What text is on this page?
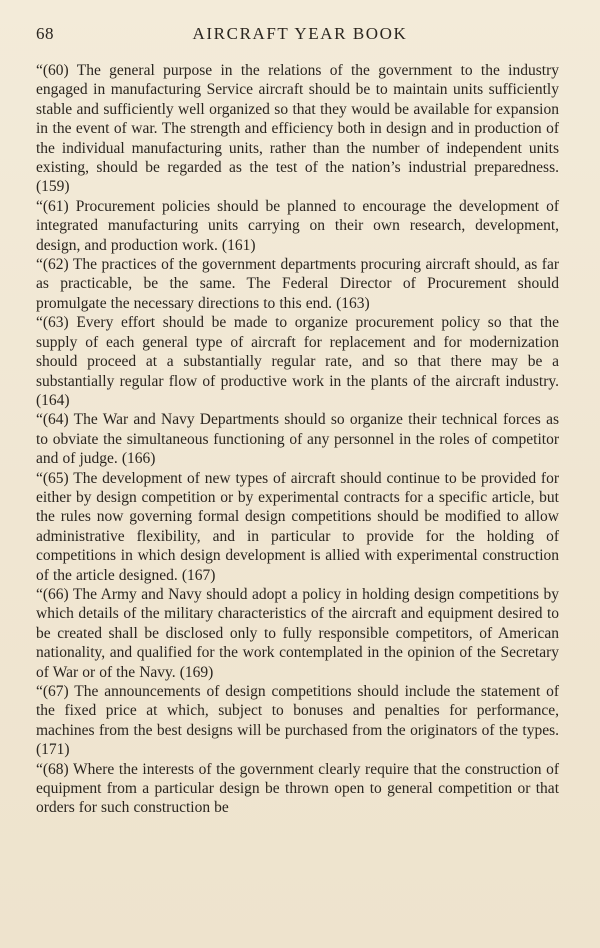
68	AIRCRAFT YEAR BOOK

“(60) The general purpose in the relations of the government to the industry engaged in manufacturing Service aircraft should be to maintain units sufficiently stable and sufficiently well organized so that they would be available for expansion in the event of war. The strength and efficiency both in design and in production of the individual manufacturing units, rather than the number of independent units existing, should be regarded as the test of the nation’s industrial preparedness. (159)

“(61) Procurement policies should be planned to encourage the development of integrated manufacturing units carrying on their own research, development, design, and production work. (161)

“(62) The practices of the government departments procuring aircraft should, as far as practicable, be the same. The Federal Director of Procurement should promulgate the necessary directions to this end. (163)

“(63) Every effort should be made to organize procurement policy so that the supply of each general type of aircraft for replacement and for modernization should proceed at a substantially regular rate, and so that there may be a substantially regular flow of productive work in the plants of the aircraft industry. (164)

“(64) The War and Navy Departments should so organize their technical forces as to obviate the simultaneous functioning of any personnel in the roles of competitor and of judge. (166)

“(65) The development of new types of aircraft should continue to be provided for either by design competition or by experimental contracts for a specific article, but the rules now governing formal design competitions should be modified to allow administrative flexibility, and in particular to provide for the holding of competitions in which design development is allied with experimental construction of the article designed. (167)

“(66) The Army and Navy should adopt a policy in holding design competitions by which details of the military characteristics of the aircraft and equipment desired to be created shall be disclosed only to fully responsible competitors, of American nationality, and qualified for the work contemplated in the opinion of the Secretary of War or of the Navy. (169)

“(67) The announcements of design competitions should include the statement of the fixed price at which, subject to bonuses and penalties for performance, machines from the best designs will be purchased from the originators of the types. (171)

“(68) Where the interests of the government clearly require that the construction of equipment from a particular design be thrown open to general competition or that orders for such construction be
